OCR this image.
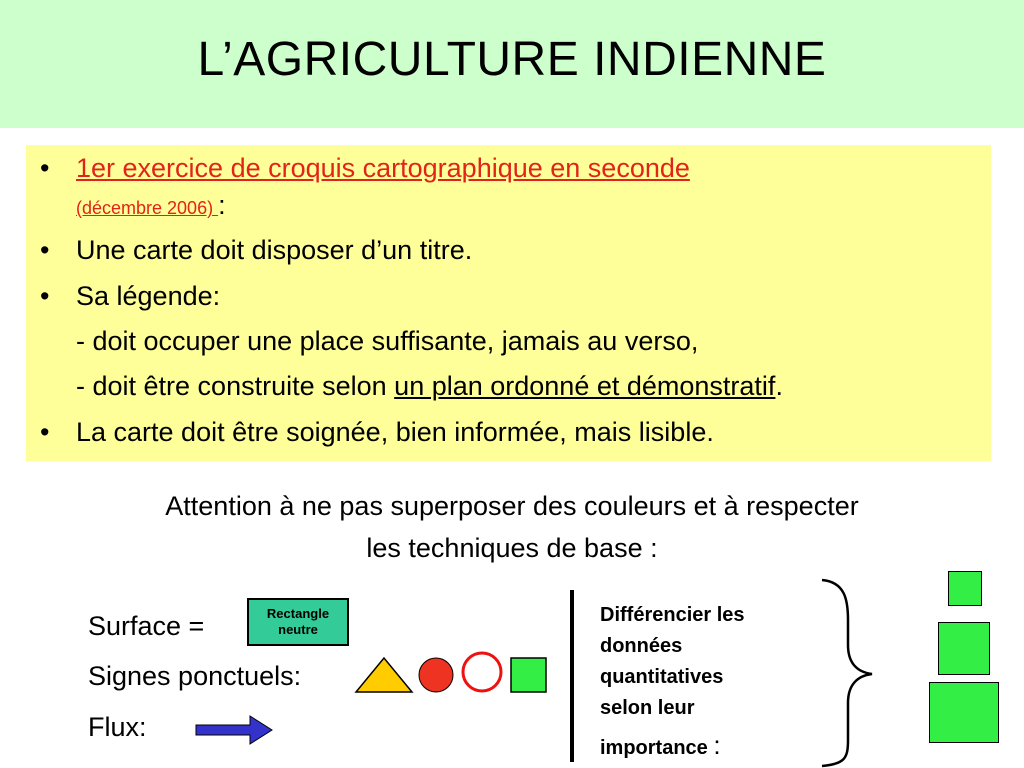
L’AGRICULTURE INDIENNE
• 1er exercice de croquis cartographique en seconde
(décembre 2006) :
• Une carte doit disposer d’un titre.
• Sa légende:
- doit occuper une place suffisante, jamais au verso,
- doit être construite selon un plan ordonné et démonstratif.
• La carte doit être soignée, bien informée, mais lisible.
Attention à ne pas superposer des couleurs et à respecter
les techniques de base :
Surface =	Rectangle
neutre
Signes ponctuels:
Flux:
Différencier les
données
quantitatives
selon leur
importance :
